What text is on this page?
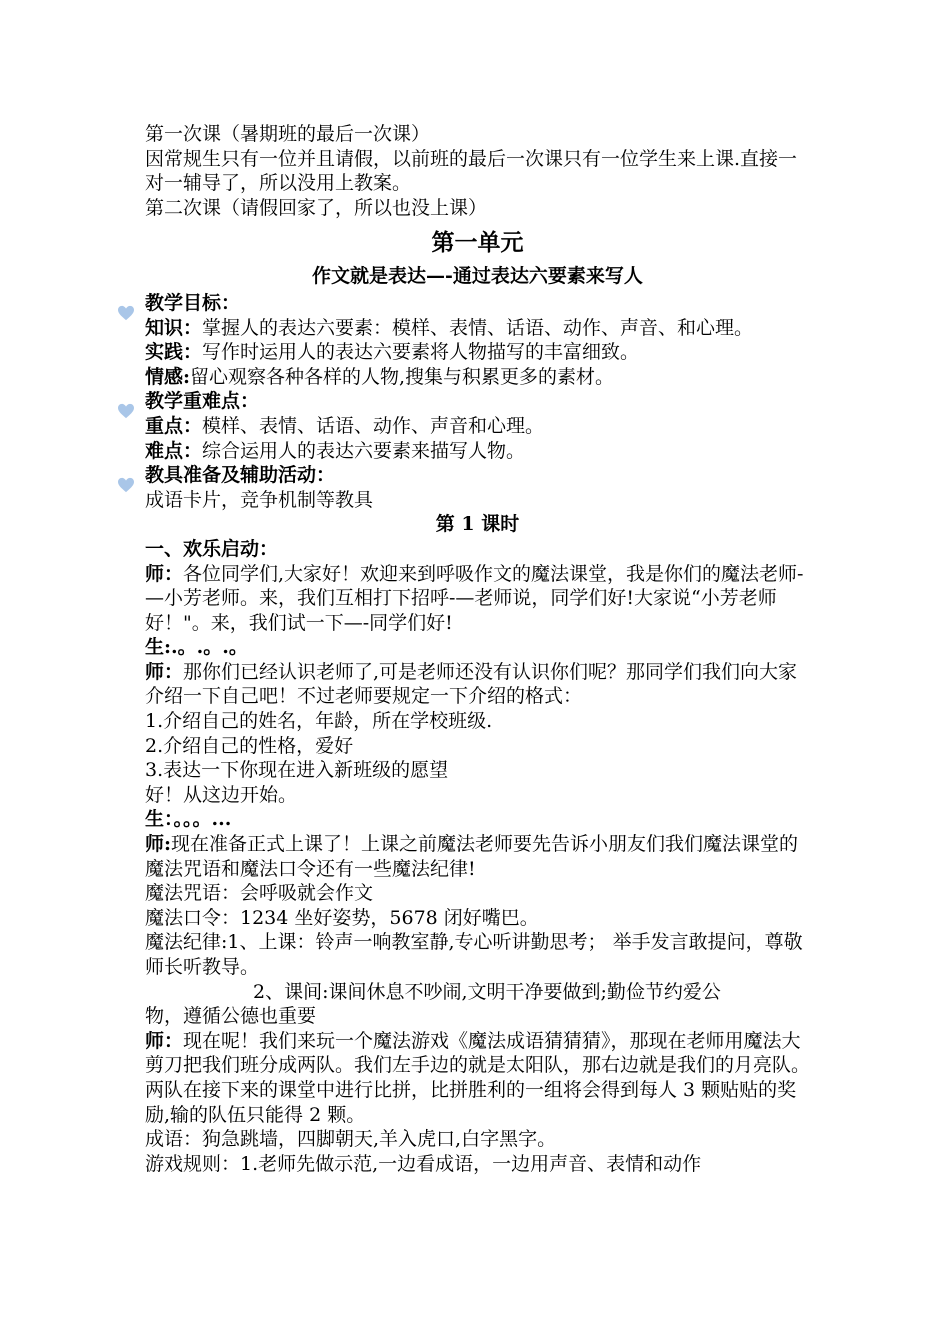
第一次课（暑期班的最后一次课）

因常规生只有一位并且请假，以前班的最后一次课只有一位学生来上课.直接一对一辅导了，所以没用上教案。

第二次课（请假回家了，所以也没上课）

第一单元
作文就是表达—-通过表达六要素来写人

教学目标：

知识：掌握人的表达六要素：模样、表情、话语、动作、声音、和心理。

实践：写作时运用人的表达六要素将人物描写的丰富细致。

情感:留心观察各种各样的人物,搜集与积累更多的素材。

教学重难点：

重点：模样、表情、话语、动作、声音和心理。

难点：综合运用人的表达六要素来描写人物。

教具准备及辅助活动：

成语卡片，竞争机制等教具

第 1 课时

一、欢乐启动：

师：各位同学们,大家好！欢迎来到呼吸作文的魔法课堂，我是你们的魔法老师-—小芳老师。来，我们互相打下招呼-—老师说，同学们好!大家说“小芳老师好！"。来，我们试一下—-同学们好!

生:.。.。.。

师：那你们已经认识老师了,可是老师还没有认识你们呢？那同学们我们向大家介绍一下自己吧！不过老师要规定一下介绍的格式：

1.介绍自己的姓名，年龄，所在学校班级.

2.介绍自己的性格，爱好

3.表达一下你现在进入新班级的愿望

好！从这边开始。

生：。。。...

师:现在准备正式上课了！上课之前魔法老师要先告诉小朋友们我们魔法课堂的魔法咒语和魔法口令还有一些魔法纪律!

魔法咒语：会呼吸就会作文

魔法口令：1234 坐好姿势，5678 闭好嘴巴。

魔法纪律:1、上课：铃声一响教室静,专心听讲勤思考； 举手发言敢提问，尊敬师长听教导。

2、课间:课间休息不吵闹,文明干净要做到;勤俭节约爱公

物，遵循公德也重要

师：现在呢！我们来玩一个魔法游戏《魔法成语猜猜猜》，那现在老师用魔法大剪刀把我们班分成两队。我们左手边的就是太阳队，那右边就是我们的月亮队。两队在接下来的课堂中进行比拼，比拼胜利的一组将会得到每人 3 颗贴贴的奖励,输的队伍只能得 2 颗。

成语：狗急跳墙，四脚朝天,羊入虎口,白字黑字。

游戏规则：1.老师先做示范,一边看成语，一边用声音、表情和动作
